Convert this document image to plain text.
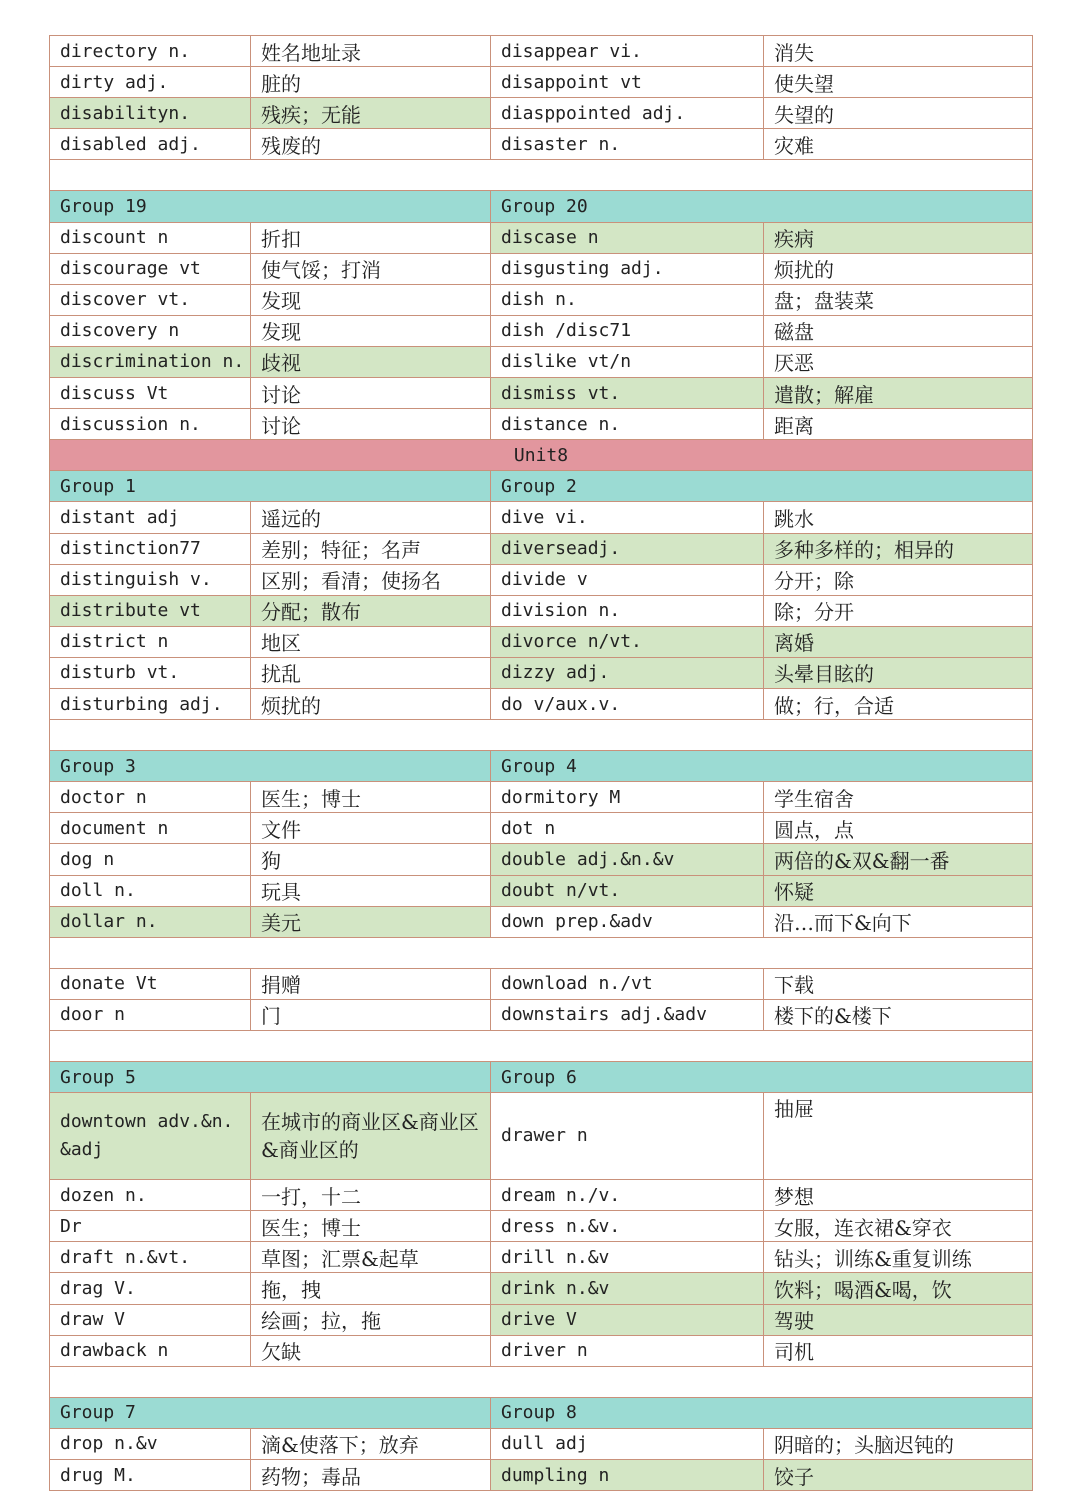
directory n.	姓名地址录	disappear vi.	消失
dirty adj.	脏的	disappoint vt	使失望
disabilityn.	残疾；无能	diasppointed adj.	失望的
disabled adj.	残废的	disaster n.	灾难

Group 19		Group 20	
discount n	折扣	discase n	疾病
discourage vt	使气馁；打消	disgusting adj.	烦扰的
discover vt.	发现	dish n.	盘；盘装菜
discovery n	发现	dish /disc71	磁盘
discrimination n.	歧视	dislike vt/n	厌恶
discuss Vt	讨论	dismiss vt.	遣散；解雇
discussion n.	讨论	distance n.	距离
Unit8			
Group 1		Group 2	
distant adj	遥远的	dive vi.	跳水
distinction77	差别；特征；名声	diverseadj.	多种多样的；相异的
distinguish v.	区别；看清；使扬名	divide v	分开；除
distribute vt	分配；散布	division n.	除；分开
district n	地区	divorce n/vt.	离婚
disturb vt.	扰乱	dizzy adj.	头晕目眩的
disturbing adj.	烦扰的	do v/aux.v.	做；行，合适

Group 3		Group 4	
doctor n	医生；博士	dormitory M	学生宿舍
document n	文件	dot n	圆点，点
dog n	狗	double adj.&n.&v	两倍的&双&翻一番
doll n.	玩具	doubt n/vt.	怀疑
dollar n.	美元	down prep.&adv	沿…而下&向下

donate Vt	捐赠	download n./vt	下载
door n	门	downstairs adj.&adv	楼下的&楼下

Group 5		Group 6	
downtown adv.&n. &adj	在城市的商业区&商业区&商业区的	drawer n	抽屉
dozen n.	一打，十二	dream n./v.	梦想
Dr	医生；博士	dress n.&v.	女服，连衣裙&穿衣
draft n.&vt.	草图；汇票&起草	drill n.&v	钻头；训练&重复训练
drag V.	拖，拽	drink n.&v	饮料；喝酒&喝，饮
draw V	绘画；拉，拖	drive V	驾驶
drawback n	欠缺	driver n	司机

Group 7		Group 8	
drop n.&v	滴&使落下；放弃	dull adj	阴暗的；头脑迟钝的
drug M.	药物；毒品	dumpling n	饺子
